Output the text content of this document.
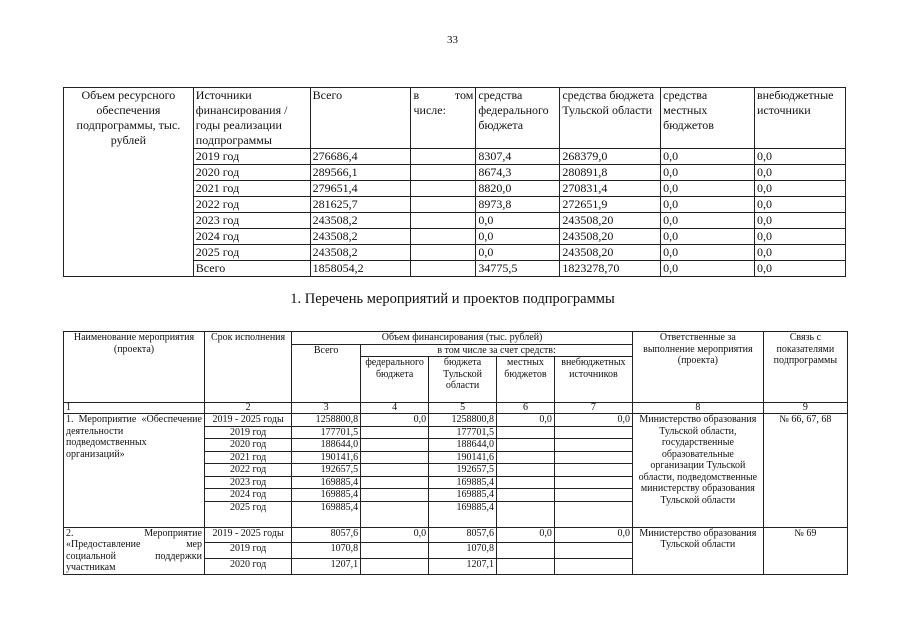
33
Объем ресурсного обеспечения подпрограммы, тыс. рублей	Источники финансирования / годы реализации подпрограммы	Всего	в том числе:	средства федерального бюджета	средства бюджета Тульской области	средства местных бюджетов	внебюджетные источники
	2019 год	276686,4		8307,4	268379,0	0,0	0,0
	2020 год	289566,1		8674,3	280891,8	0,0	0,0
	2021 год	279651,4		8820,0	270831,4	0,0	0,0
	2022 год	281625,7		8973,8	272651,9	0,0	0,0
	2023 год	243508,2		0,0	243508,20	0,0	0,0
	2024 год	243508,2		0,0	243508,20	0,0	0,0
	2025 год	243508,2		0,0	243508,20	0,0	0,0
	Всего	1858054,2		34775,5	1823278,70	0,0	0,0
1. Перечень мероприятий и проектов подпрограммы
Наименование мероприятия (проекта)	Срок исполнения	Объем финансирования (тыс. рублей)					Ответственные за выполнение мероприятия (проекта)	Связь с показателями подпрограммы
		Всего	в том числе за счет средств:					
			федерального бюджета	бюджета Тульской области	местных бюджетов	внебюджетных источников		
1	2	3	4	5	6	7	8	9
1. Мероприятие «Обеспечение деятельности подведомственных организаций»	2019 - 2025 годы	1258800,8	0,0	1258800,8	0,0	0,0	Министерство образования Тульской области, государственные образовательные организации Тульской области, подведомственные министерству образования Тульской области	№ 66, 67, 68
	2019 год	177701,5		177701,5				
	2020 год	188644,0		188644,0				
	2021 год	190141,6		190141,6				
	2022 год	192657,5		192657,5				
	2023 год	169885,4		169885,4				
	2024 год	169885,4		169885,4				
	2025 год	169885,4		169885,4				
2. Мероприятие «Предоставление мер социальной поддержки участникам	2019 - 2025 годы	8057,6	0,0	8057,6	0,0	0,0	Министерство образования Тульской области	№ 69
	2019 год	1070,8		1070,8				
	2020 год	1207,1		1207,1				
